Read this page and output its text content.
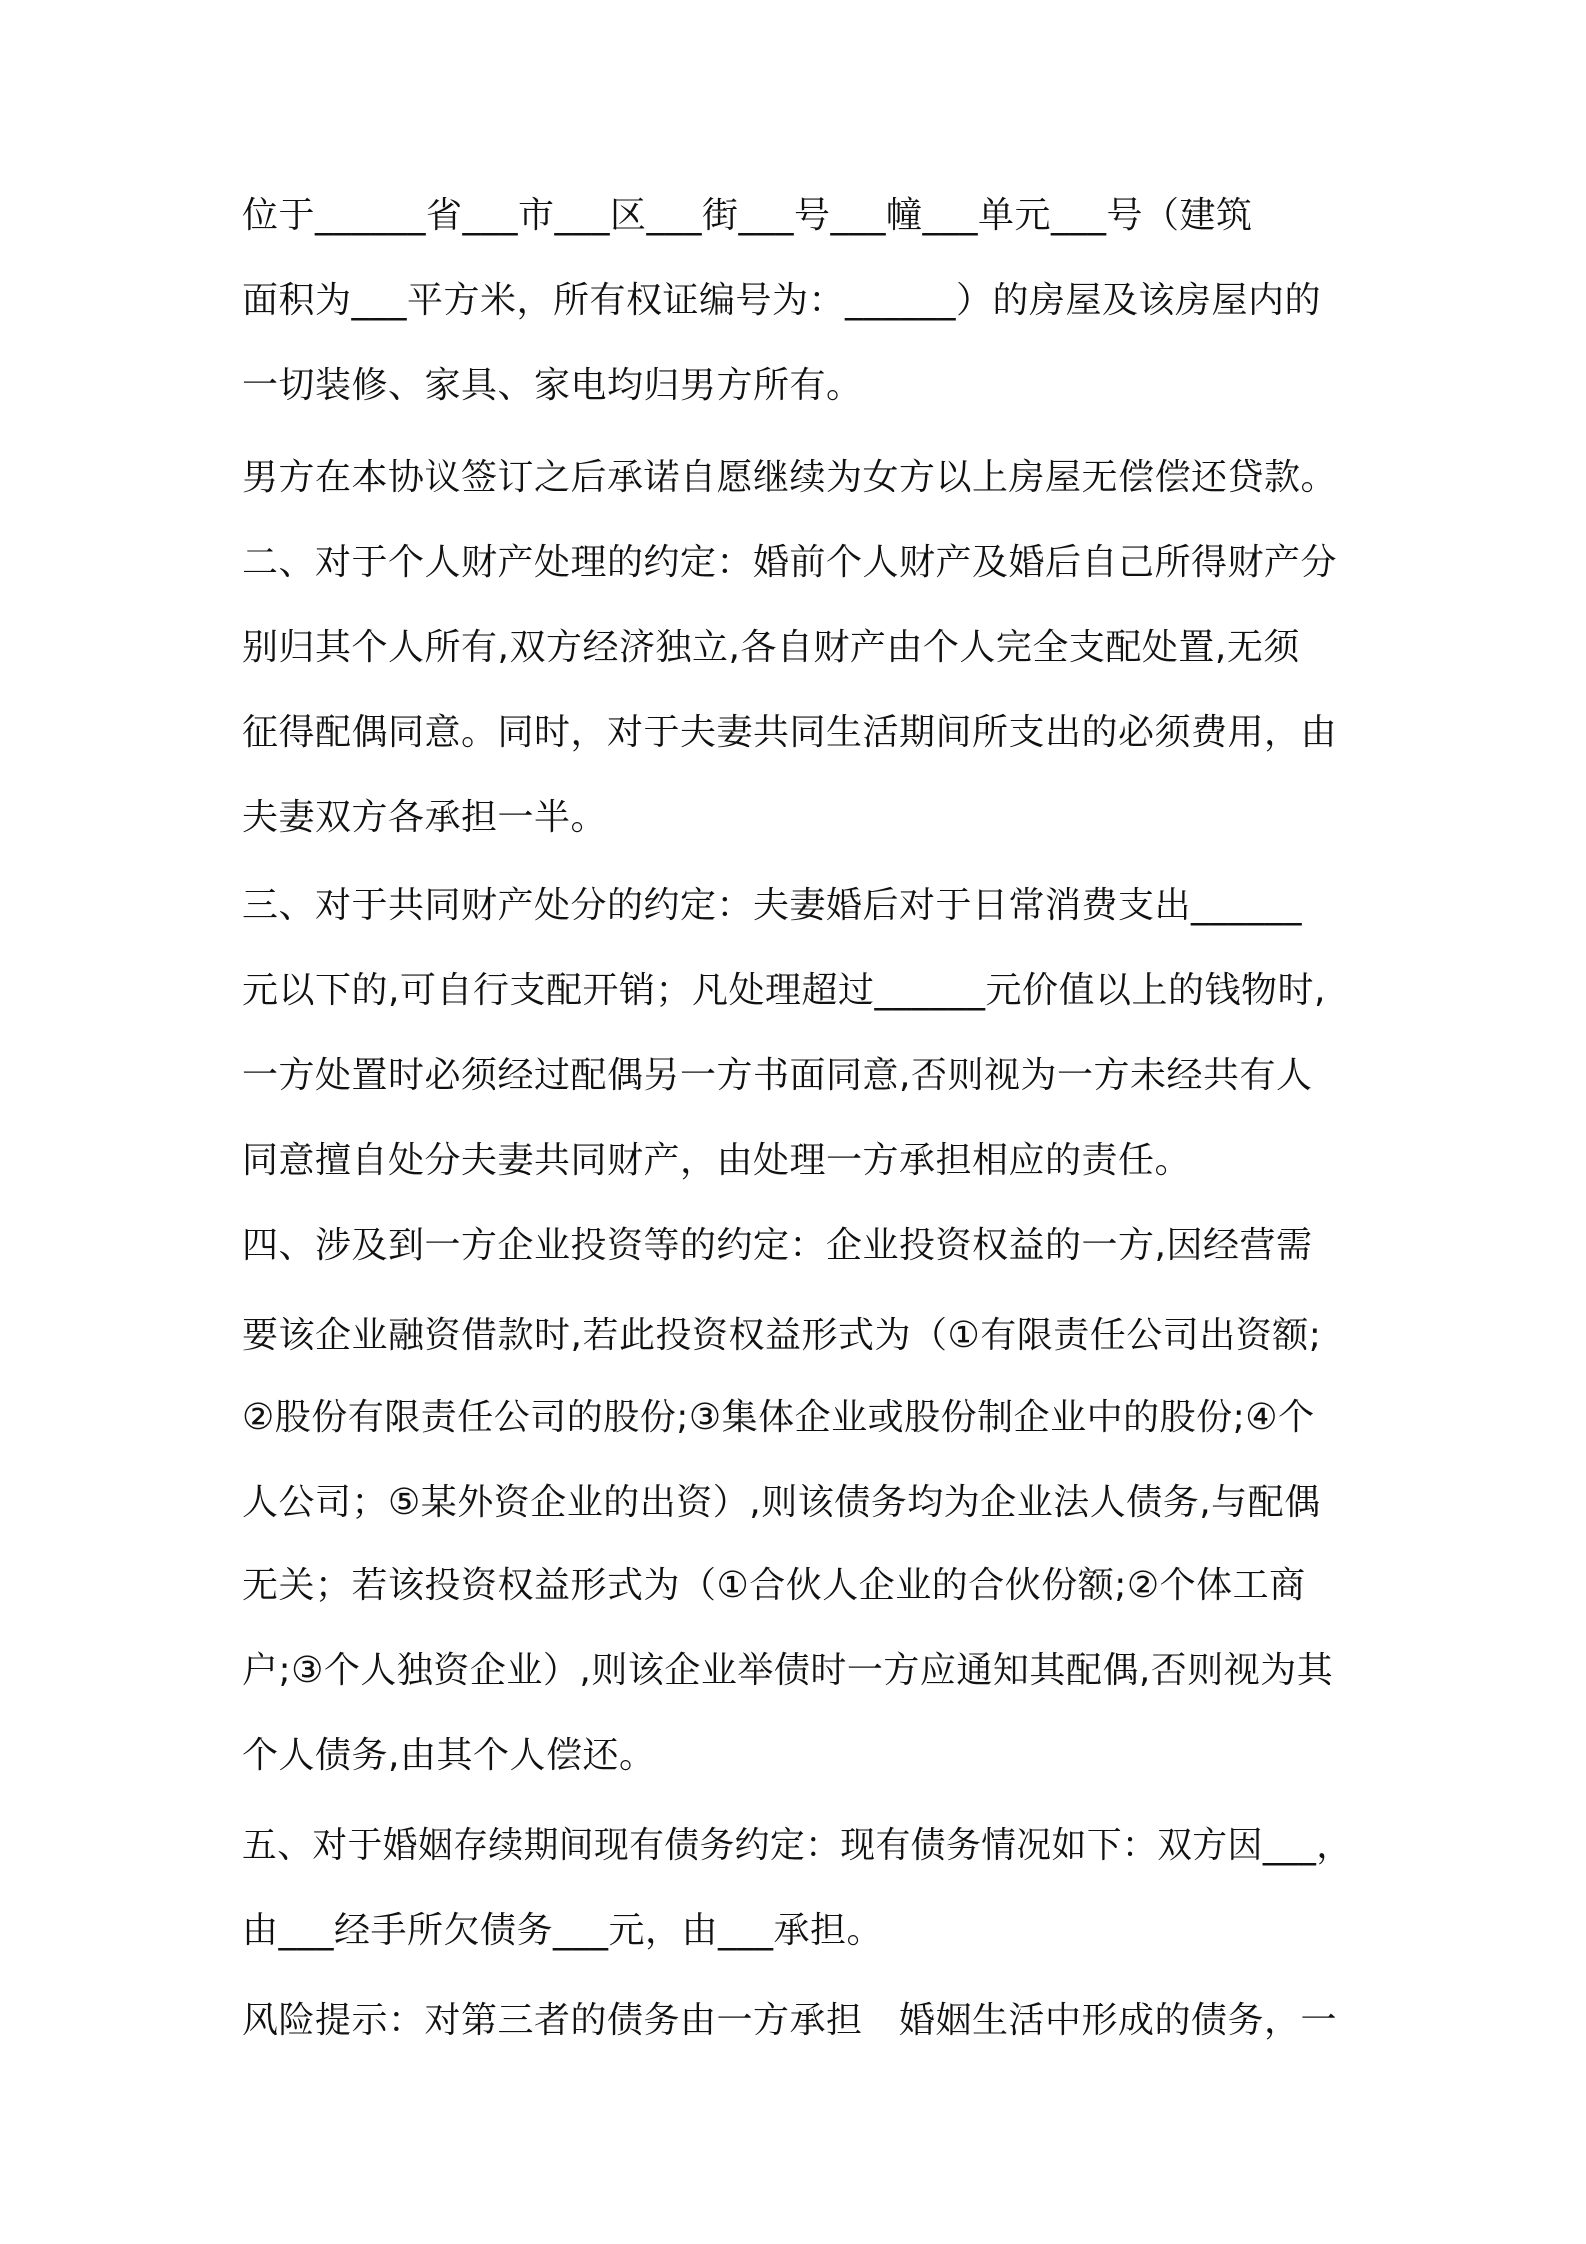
位于______省___市___区___街___号___幢___单元___号（建筑
面积为___平方米，所有权证编号为：______）的房屋及该房屋内的
一切装修、家具、家电均归男方所有。
男方在本协议签订之后承诺自愿继续为女方以上房屋无偿偿还贷款。
二、对于个人财产处理的约定：婚前个人财产及婚后自己所得财产分
别归其个人所有,双方经济独立,各自财产由个人完全支配处置,无须
征得配偶同意。同时，对于夫妻共同生活期间所支出的必须费用，由
夫妻双方各承担一半。
三、对于共同财产处分的约定：夫妻婚后对于日常消费支出______
元以下的,可自行支配开销；凡处理超过______元价值以上的钱物时,
一方处置时必须经过配偶另一方书面同意,否则视为一方未经共有人
同意擅自处分夫妻共同财产，由处理一方承担相应的责任。
四、涉及到一方企业投资等的约定：企业投资权益的一方,因经营需
要该企业融资借款时,若此投资权益形式为（①有限责任公司出资额;
②股份有限责任公司的股份;③集体企业或股份制企业中的股份;④个
人公司；⑤某外资企业的出资）,则该债务均为企业法人债务,与配偶
无关；若该投资权益形式为（①合伙人企业的合伙份额;②个体工商
户;③个人独资企业）,则该企业举债时一方应通知其配偶,否则视为其
个人债务,由其个人偿还。
五、对于婚姻存续期间现有债务约定：现有债务情况如下：双方因___，
由___经手所欠债务___元，由___承担。
风险提示：对第三者的债务由一方承担　婚姻生活中形成的债务，一
